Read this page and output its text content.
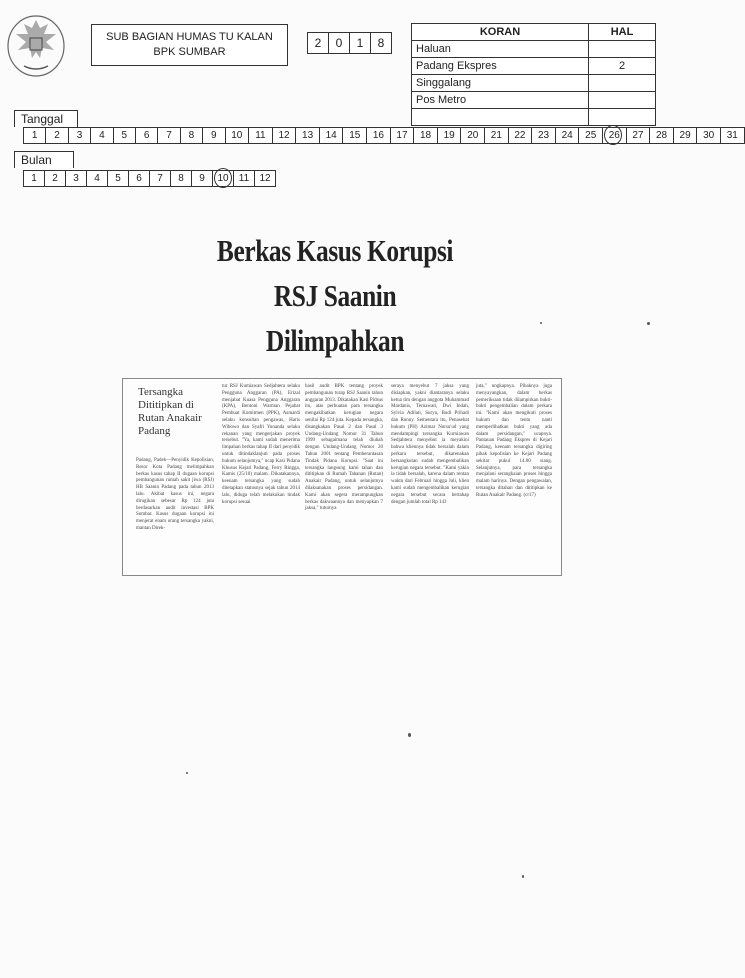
SUB BAGIAN HUMAS TU KALAN
BPK SUMBAR
2	0	1	8
KORAN	HAL
Haluan	
Padang Ekspres	2
Singgalang	
Pos Metro	

Tanggal
1	2	3	4	5	6	7	8	9	10	11	12	13	14	15	16	17	18	19	20	21	22	23	24	25	26	27	28	29	30	31
Bulan
1	2	3	4	5	6	7	8	9	10	11	12
Berkas Kasus Korupsi
RSJ Saanin Dilimpahkan
Tersangka Dititipkan di Rutan Anakair Padang
Padang, Padek—Penyidik Kepolisian, Resor Kota Padang melimpahkan berkas kasus tahap II dugaan korupsi pembangunan rumah sakit jiwa (RSJ) HB Saanin Padang pada tahun 2013 lalu. Akibat kasus ini, negara dirugikan sebesar Rp 124 juta berdasarkan audit investasi BPK Sumbar. Kasus dugaan korupsi ini menjerat enam orang tersangka yakni, mantan Direk-
tur RSJ Kumiawan Sedjahtera selaku Pengguna Anggaran (PA), Erizal menjabat Kuasa Pengguna Anggaran (KPA), Bentoni Warman Pejabat Pembuat Komitmen (PPK), Asmardi selaku konsultan pengawas, Haris Wibowo dan Syafri Yunanda selaku rekanan yang mengerjakan proyek tersebut. "Ya, kami sudah menerima limpahan berkas tahap II dari penyidik untuk ditindaklanjuti pada proses hukum selanjutnya," ucap Kasi Pidana Khusus Kejari Padang, Ferry Ringga, Kamis (25/10) malam. Dikatakannya, keenam tersangka yang sudah ditetapkan statusnya sejak tahun 2014 lalu, diduga telah melakukan tindak korupsi sesuai
hasil audit BPK tentang proyek pembangunan turap RSJ Saanin tahun anggaran 2013. Dikatakan Kasi Pidsus itu, atas perbuatan para tersangka mengakibatkan kerugian negara senilai Rp 124 juta. Kepada tersangka, disangkakan Pasal 2 dan Pasal 3 Undang-Undang Nomor 31 Tahun 1999 sebagaimana telah diubah dengan Undang-Undang Nomor 20 Tahun 2001 tentang Pemberantasan Tindak Pidana Korupsi. "Saat ini tersangka langsung kami tahan dan dititipkan di Rumah Tahanan (Rutan) Anakair Padang, untuk selanjutnya dilaksanakan proses persidangan. Kami akan segera merampungkan berkas dakwaannya dan menyapkan 7 jaksa," tuturnya
seraya menyebut 7 jaksa yang disiapkan, yakni diantaranya selaku ketua tim dengan anggota Muhammad Mardanis, Ternawati, Dwi Indah, Sylvia Adilati, Surya, Budi Prihadi dan Ronny. Sementara itu, Penasehat hukum (PH) Azimar Nursu'ud yang mendampingi tersangka Kurniawan Sedjahtera menyebut ia meyakini bahwa kliennya tidak bersalah dalam perkara tersebut, dikarenakan bersangkutan sudah mengembalikan kerugian negara tersebut. "Kami yakin ia tidak bersalah, karena dalam rentan waktu dari Februari hingga Juli, klien kami sudah mengembalikan kerugian negara tersebut secara bertahap dengan jumlah total Rp 143
juta," ungkapnya. Pihaknya juga menyayangkan, dalam berkas pemeriksaan tidak dilampirkan bukti-bukti pengembalian dalam perkara ini. "Kami akan mengikuti proses hukum dan tentu nanti memperlihatkan bukti yang ada dalam persidangan," ucapnya. Pantauan Padang Ekspres di Kejari Padang, keenam tersangka digiring pihak kepolisian ke Kejari Padang sekitar pukul 14.00 siang. Selanjutnya, para tersangka menjalani serangkaian proses hingga malam harinya. Dengan pengawalan, tersangka ditahan dan dititipkan ke Rutan Anakair Padang. (cr17)
